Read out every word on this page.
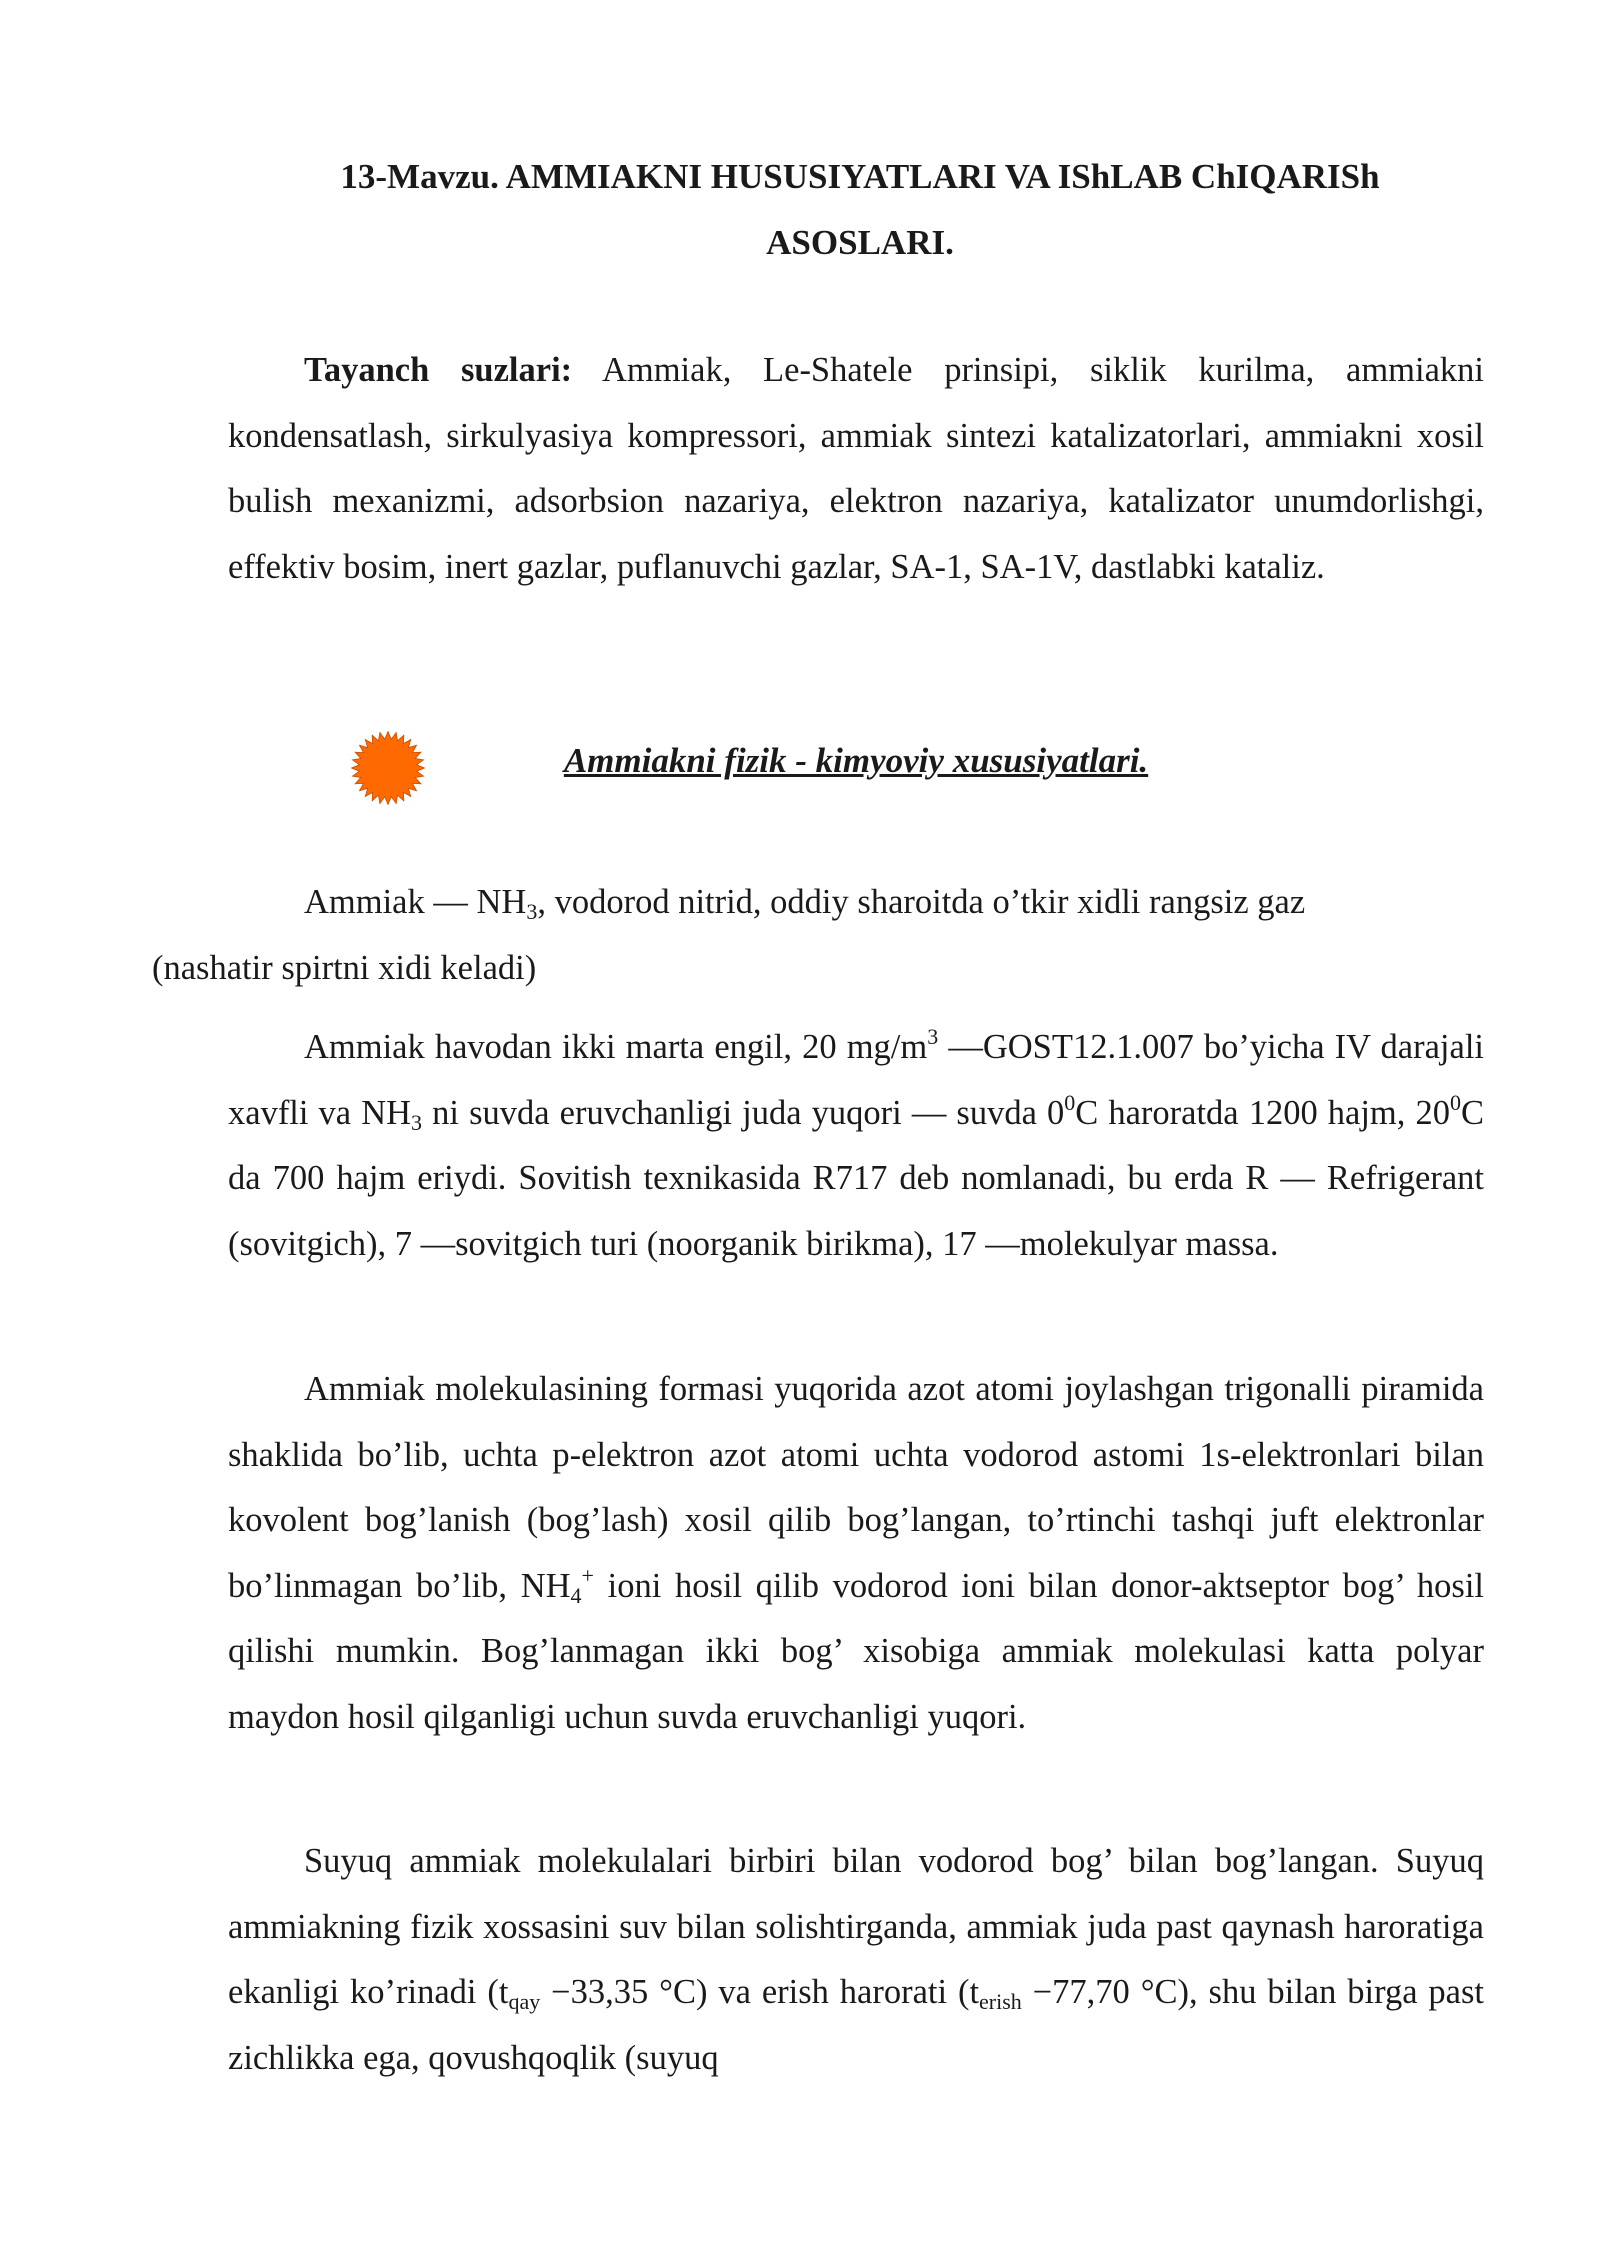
13-Mavzu. AMMIAKNI HUSUSIYATLARI VA IShLAB ChIQARISh
ASOSLARI.

Tayanch suzlari: Ammiak, Le-Shatele prinsipi, siklik kurilma, ammiakni kondensatlash, sirkulyasiya kompressori, ammiak sintezi katalizatorlari, ammiakni xosil bulish mexanizmi, adsorbsion nazariya, elektron nazariya, katalizator unumdorlishgi, effektiv bosim, inert gazlar, puflanuvchi gazlar, SA-1, SA-1V, dastlabki kataliz.

Ammiakni fizik - kimyoviy xususiyatlari.

Ammiak — $NH_3$, vodorod nitrid, oddiy sharoitda o’tkir xidli rangsiz gaz
(nashatir spirtni xidi keladi)

Ammiak havodan ikki marta engil, 20 $mg/m^3$ —GOST12.1.007 bo’yicha IV darajali xavfli va $NH_3$ ni suvda eruvchanligi juda yuqori — suvda $0^0C$ haroratda 1200 hajm, $20^0C$ da 700 hajm eriydi. Sovitish texnikasida R717 deb nomlanadi, bu erda R — Refrigerant (sovitgich), 7 —sovitgich turi (noorganik birikma), 17 —molekulyar massa.

Ammiak molekulasining formasi yuqorida azot atomi joylashgan trigonalli piramida shaklida bo’lib, uchta p-elektron azot atomi uchta vodorod astomi 1s-elektronlari bilan kovolent bog’lanish (bog’lash) xosil qilib bog’langan, to’rtinchi tashqi juft elektronlar bo’linmagan bo’lib, $NH_4^+$ ioni hosil qilib vodorod ioni bilan donor-aktseptor bog’ hosil qilishi mumkin. Bog’lanmagan ikki bog’ xisobiga ammiak molekulasi katta polyar maydon hosil qilganligi uchun suvda eruvchanligi yuqori.

Suyuq ammiak molekulalari birbiri bilan vodorod bog’ bilan bog’langan. Suyuq ammiakning fizik xossasini suv bilan solishtirganda, ammiak juda past qaynash haroratiga ekanligi ko’rinadi ($t_{qay} -33,35$ °C) va erish harorati ($t_{erish} -77,70$ °C), shu bilan birga past zichlikka ega, qovushqoqlik (suyuq
